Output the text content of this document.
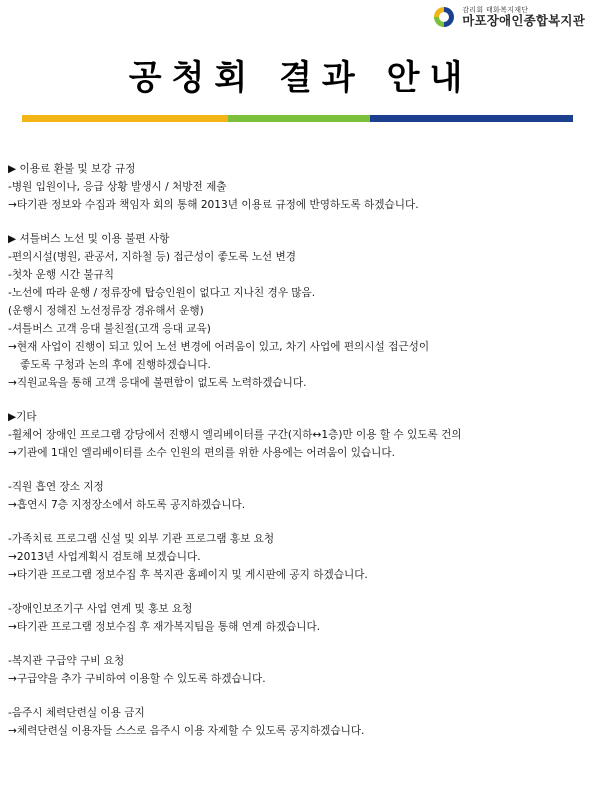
감리회 태화복지재단
마포장애인종합복지관
공청회 결과 안내
▶ 이용료 환불 및 보강 규정
-병원 입원이나, 응급 상황 발생시 / 처방전 제출
→타기관 정보와 수집과 책임자 회의 통해 2013년 이용료 규정에 반영하도록 하겠습니다.
▶ 셔틀버스 노선 및 이용 불편 사항
-편의시설(병원, 관공서, 지하철 등) 접근성이 좋도록 노선 변경
-첫차 운행 시간 불규칙
-노선에 따라 운행 / 정류장에 탑승인원이 없다고 지나친 경우 많음.
(운행시 정해진 노선정류장 경유해서 운행)
-셔틀버스 고객 응대 불친절(고객 응대 교육)
→현재 사업이 진행이 되고 있어 노선 변경에 어려움이 있고, 차기 사업에 편의시설 접근성이
좋도록 구청과 논의 후에 진행하겠습니다.
→직원교육을 통해 고객 응대에 불편함이 없도록 노력하겠습니다.
▶기타
-휠체어 장애인 프로그램 강당에서 진행시 엘리베이터를 구간(지하↔1층)만 이용 할 수 있도록 건의
→기관에 1대인 엘리베이터를 소수 인원의 편의를 위한 사용에는 어려움이 있습니다.
-직원 흡연 장소 지정
→흡연시 7층 지정장소에서 하도록 공지하겠습니다.
-가족치료 프로그램 신설 및 외부 기관 프로그램 홍보 요청
→2013년 사업계획시 검토해 보겠습니다.
→타기관 프로그램 정보수집 후 복지관 홈페이지 및 게시판에 공지 하겠습니다.
-장애인보조기구 사업 연계 및 홍보 요청
→타기관 프로그램 정보수집 후 재가복지팀을 통해 연계 하겠습니다.
-복지관 구급약 구비 요청
→구급약을 추가 구비하여 이용할 수 있도록 하겠습니다.
-음주시 체력단련실 이용 금지
→체력단련실 이용자들 스스로 음주시 이용 자제할 수 있도록 공지하겠습니다.
